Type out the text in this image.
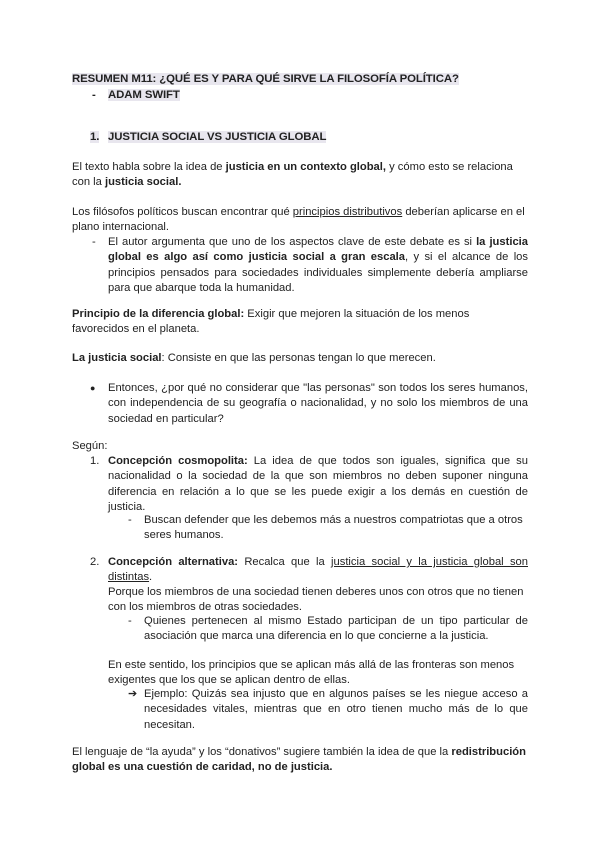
RESUMEN M11: ¿QUÉ ES Y PARA QUÉ SIRVE LA FILOSOFÍA POLÍTICA?
- ADAM SWIFT
1. JUSTICIA SOCIAL VS JUSTICIA GLOBAL
El texto habla sobre la idea de justicia en un contexto global, y cómo esto se relaciona con la justicia social.
Los filósofos políticos buscan encontrar qué principios distributivos deberían aplicarse en el plano internacional.
- El autor argumenta que uno de los aspectos clave de este debate es si la justicia global es algo así como justicia social a gran escala, y si el alcance de los principios pensados para sociedades individuales simplemente debería ampliarse para que abarque toda la humanidad.
Principio de la diferencia global: Exigir que mejoren la situación de los menos favorecidos en el planeta.
La justicia social: Consiste en que las personas tengan lo que merecen.
● Entonces, ¿por qué no considerar que "las personas" son todos los seres humanos, con independencia de su geografía o nacionalidad, y no solo los miembros de una sociedad en particular?
Según:
1. Concepción cosmopolita: La idea de que todos son iguales, significa que su nacionalidad o la sociedad de la que son miembros no deben suponer ninguna diferencia en relación a lo que se les puede exigir a los demás en cuestión de justicia.
- Buscan defender que les debemos más a nuestros compatriotas que a otros seres humanos.
2. Concepción alternativa: Recalca que la justicia social y la justicia global son distintas.
Porque los miembros de una sociedad tienen deberes unos con otros que no tienen con los miembros de otras sociedades.
- Quienes pertenecen al mismo Estado participan de un tipo particular de asociación que marca una diferencia en lo que concierne a la justicia.
En este sentido, los principios que se aplican más allá de las fronteras son menos exigentes que los que se aplican dentro de ellas.
➔ Ejemplo: Quizás sea injusto que en algunos países se les niegue acceso a necesidades vitales, mientras que en otro tienen mucho más de lo que necesitan.
El lenguaje de “la ayuda” y los “donativos” sugiere también la idea de que la redistribución global es una cuestión de caridad, no de justicia.
